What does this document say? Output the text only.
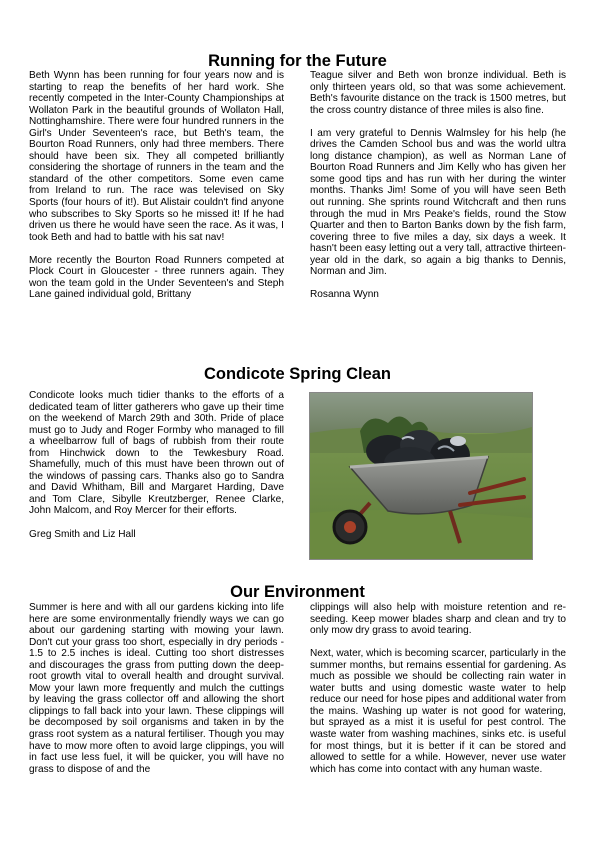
Running for the Future

Beth Wynn has been running for four years now and is starting to reap the benefits of her hard work. She recently competed in the Inter-County Championships at Wollaton Park in the beautiful grounds of Wollaton Hall, Nottinghamshire. There were four hundred runners in the Girl's Under Seventeen's race, but Beth's team, the Bourton Road Runners, only had three members. There should have been six. They all competed brilliantly considering the shortage of runners in the team and the standard of the other competitors. Some even came from Ireland to run. The race was televised on Sky Sports (four hours of it!). But Alistair couldn't find anyone who subscribes to Sky Sports so he missed it! If he had driven us there he would have seen the race. As it was, I took Beth and had to battle with his sat nav!

More recently the Bourton Road Runners competed at Plock Court in Gloucester - three runners again. They won the team gold in the Under Seventeen's and Steph Lane gained individual gold, Brittany

Teague silver and Beth won bronze individual. Beth is only thirteen years old, so that was some achievement. Beth's favourite distance on the track is 1500 metres, but the cross country distance of three miles is also fine.

I am very grateful to Dennis Walmsley for his help (he drives the Camden School bus and was the world ultra long distance champion), as well as Norman Lane of Bourton Road Runners and Jim Kelly who has given her some good tips and has run with her during the winter months. Thanks Jim! Some of you will have seen Beth out running. She sprints round Witchcraft and then runs through the mud in Mrs Peake's fields, round the Stow Quarter and then to Barton Banks down by the fish farm, covering three to five miles a day, six days a week. It hasn't been easy letting out a very tall, attractive thirteen-year old in the dark, so again a big thanks to Dennis, Norman and Jim.

Rosanna Wynn

Condicote Spring Clean

Condicote looks much tidier thanks to the efforts of a dedicated team of litter gatherers who gave up their time on the weekend of March 29th and 30th. Pride of place must go to Judy and Roger Formby who managed to fill a wheelbarrow full of bags of rubbish from their route from Hinchwick down to the Tewkesbury Road. Shamefully, much of this must have been thrown out of the windows of passing cars. Thanks also go to Sandra and David Whitham, Bill and Margaret Harding, Dave and Tom Clare, Sibylle Kreutzberger, Renee Clarke, John Malcom, and Roy Mercer for their efforts.

Greg Smith and Liz Hall

Our Environment

Summer is here and with all our gardens kicking into life here are some environmentally friendly ways we can go about our gardening starting with mowing your lawn. Don't cut your grass too short, especially in dry periods - 1.5 to 2.5 inches is ideal. Cutting too short distresses and discourages the grass from putting down the deep-root growth vital to overall health and drought survival. Mow your lawn more frequently and mulch the cuttings by leaving the grass collector off and allowing the short clippings to fall back into your lawn. These clippings will be decomposed by soil organisms and taken in by the grass root system as a natural fertiliser. Though you may have to mow more often to avoid large clippings, you will in fact use less fuel, it will be quicker, you will have no grass to dispose of and the

clippings will also help with moisture retention and re-seeding. Keep mower blades sharp and clean and try to only mow dry grass to avoid tearing.

Next, water, which is becoming scarcer, particularly in the summer months, but remains essential for gardening. As much as possible we should be collecting rain water in water butts and using domestic waste water to help reduce our need for hose pipes and additional water from the mains. Washing up water is not good for watering, but sprayed as a mist it is useful for pest control. The waste water from washing machines, sinks etc. is useful for most things, but it is better if it can be stored and allowed to settle for a while. However, never use water which has come into contact with any human waste.
